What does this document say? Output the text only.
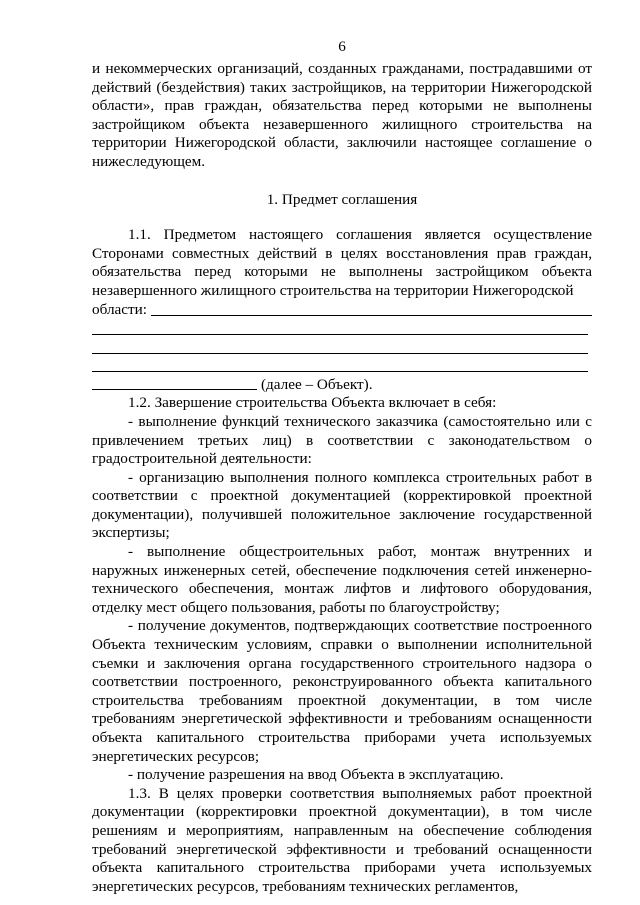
6

и некоммерческих организаций, созданных гражданами, пострадавшими от действий (бездействия) таких застройщиков, на территории Нижегородской области», прав граждан, обязательства перед которыми не выполнены застройщиком объекта незавершенного жилищного строительства на территории Нижегородской области, заключили настоящее соглашение о нижеследующем.

1. Предмет соглашения

1.1. Предметом настоящего соглашения является осуществление Сторонами совместных действий в целях восстановления прав граждан, обязательства перед которыми не выполнены застройщиком объекта незавершенного жилищного строительства на территории Нижегородской

области:
(далее – Объект).

1.2. Завершение строительства Объекта включает в себя:

- выполнение функций технического заказчика (самостоятельно или с привлечением третьих лиц) в соответствии с законодательством о градостроительной деятельности:

- организацию выполнения полного комплекса строительных работ в соответствии с проектной документацией (корректировкой проектной документации), получившей положительное заключение государственной экспертизы;

- выполнение общестроительных работ, монтаж внутренних и наружных инженерных сетей, обеспечение подключения сетей инженерно-технического обеспечения, монтаж лифтов и лифтового оборудования, отделку мест общего пользования, работы по благоустройству;

- получение документов, подтверждающих соответствие построенного Объекта техническим условиям, справки о выполнении исполнительной съемки и заключения органа государственного строительного надзора о соответствии построенного, реконструированного объекта капитального строительства требованиям проектной документации, в том числе требованиям энергетической эффективности и требованиям оснащенности объекта капитального строительства приборами учета используемых энергетических ресурсов;

- получение разрешения на ввод Объекта в эксплуатацию.

1.3. В целях проверки соответствия выполняемых работ проектной документации (корректировки проектной документации), в том числе решениям и мероприятиям, направленным на обеспечение соблюдения требований энергетической эффективности и требований оснащенности объекта капитального строительства приборами учета используемых энергетических ресурсов, требованиям технических регламентов,
